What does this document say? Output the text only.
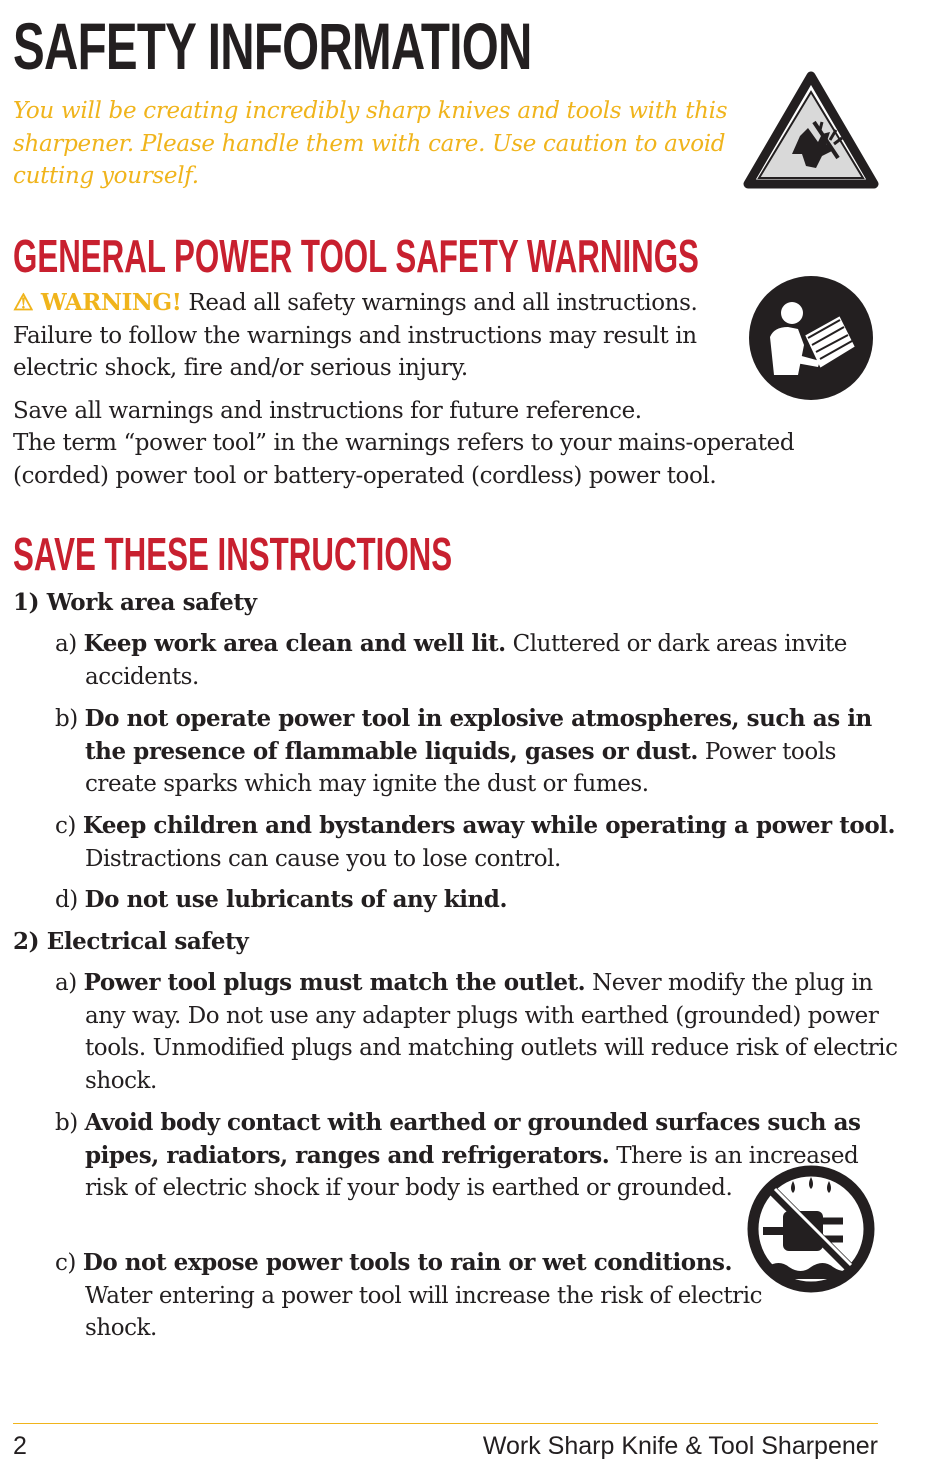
SAFETY INFORMATION

You will be creating incredibly sharp knives and tools with this sharpener. Please handle them with care. Use caution to avoid cutting yourself.

GENERAL POWER TOOL SAFETY WARNINGS

⚠ WARNING! Read all safety warnings and all instructions. Failure to follow the warnings and instructions may result in electric shock, fire and/or serious injury.

Save all warnings and instructions for future reference.

The term “power tool” in the warnings refers to your mains-operated (corded) power tool or battery-operated (cordless) power tool.

SAVE THESE INSTRUCTIONS

1) Work area safety

a) Keep work area clean and well lit. Cluttered or dark areas invite accidents.

b) Do not operate power tool in explosive atmospheres, such as in the presence of flammable liquids, gases or dust. Power tools create sparks which may ignite the dust or fumes.

c) Keep children and bystanders away while operating a power tool. Distractions can cause you to lose control.

d) Do not use lubricants of any kind.

2) Electrical safety

a) Power tool plugs must match the outlet. Never modify the plug in any way. Do not use any adapter plugs with earthed (grounded) power tools. Unmodified plugs and matching outlets will reduce risk of electric shock.

b) Avoid body contact with earthed or grounded surfaces such as pipes, radiators, ranges and refrigerators. There is an increased risk of electric shock if your body is earthed or grounded.

c) Do not expose power tools to rain or wet conditions. Water entering a power tool will increase the risk of electric shock.

2	Work Sharp Knife & Tool Sharpener
